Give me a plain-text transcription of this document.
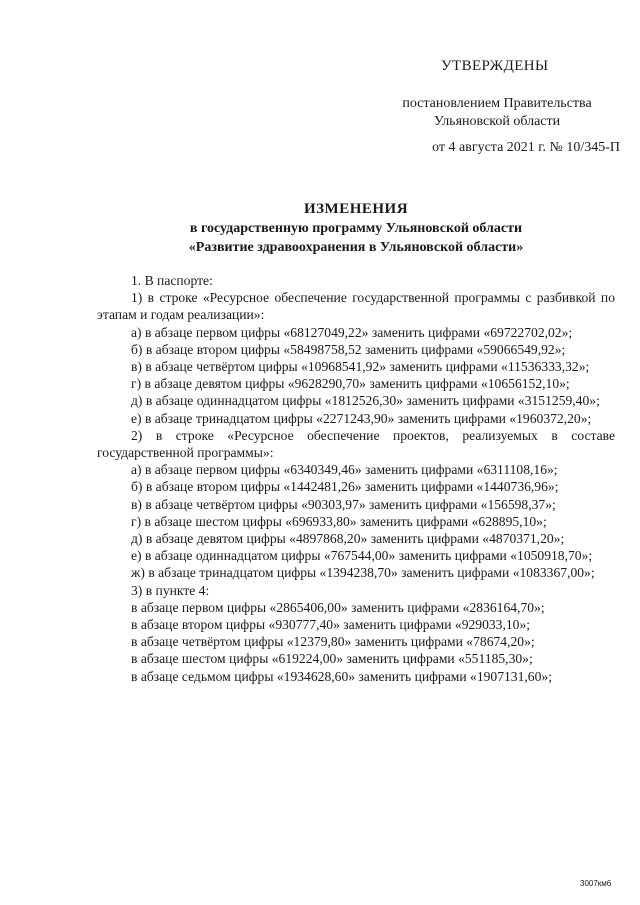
УТВЕРЖДЕНЫ
постановлением Правительства
Ульяновской области
от 4 августа 2021 г. № 10/345-П
ИЗМЕНЕНИЯ
в государственную программу Ульяновской области
«Развитие здравоохранения в Ульяновской области»

1. В паспорте:

1) в строке «Ресурсное обеспечение государственной программы с разбивкой по этапам и годам реализации»:

а) в абзаце первом цифры «68127049,22» заменить цифрами «69722702,02»;

б) в абзаце втором цифры «58498758,52 заменить цифрами «59066549,92»;

в) в абзаце четвёртом цифры «10968541,92» заменить цифрами «11536333,32»;

г) в абзаце девятом цифры «9628290,70» заменить цифрами «10656152,10»;

д) в абзаце одиннадцатом цифры «1812526,30» заменить цифрами «3151259,40»;

е) в абзаце тринадцатом цифры «2271243,90» заменить цифрами «1960372,20»;

2) в строке «Ресурсное обеспечение проектов, реализуемых в составе государственной программы»:

а) в абзаце первом цифры «6340349,46» заменить цифрами «6311108,16»;

б) в абзаце втором цифры «1442481,26» заменить цифрами «1440736,96»;

в) в абзаце четвёртом цифры «90303,97» заменить цифрами «156598,37»;

г) в абзаце шестом цифры «696933,80» заменить цифрами «628895,10»;

д) в абзаце девятом цифры «4897868,20» заменить цифрами «4870371,20»;

е) в абзаце одиннадцатом цифры «767544,00» заменить цифрами «1050918,70»;

ж) в абзаце тринадцатом цифры «1394238,70» заменить цифрами «1083367,00»;

3) в пункте 4:

в абзаце первом цифры «2865406,00» заменить цифрами «2836164,70»;

в абзаце втором цифры «930777,40» заменить цифрами «929033,10»;

в абзаце четвёртом цифры «12379,80» заменить цифрами «78674,20»;

в абзаце шестом цифры «619224,00» заменить цифрами «551185,30»;

в абзаце седьмом цифры «1934628,60» заменить цифрами «1907131,60»;

3007км6
